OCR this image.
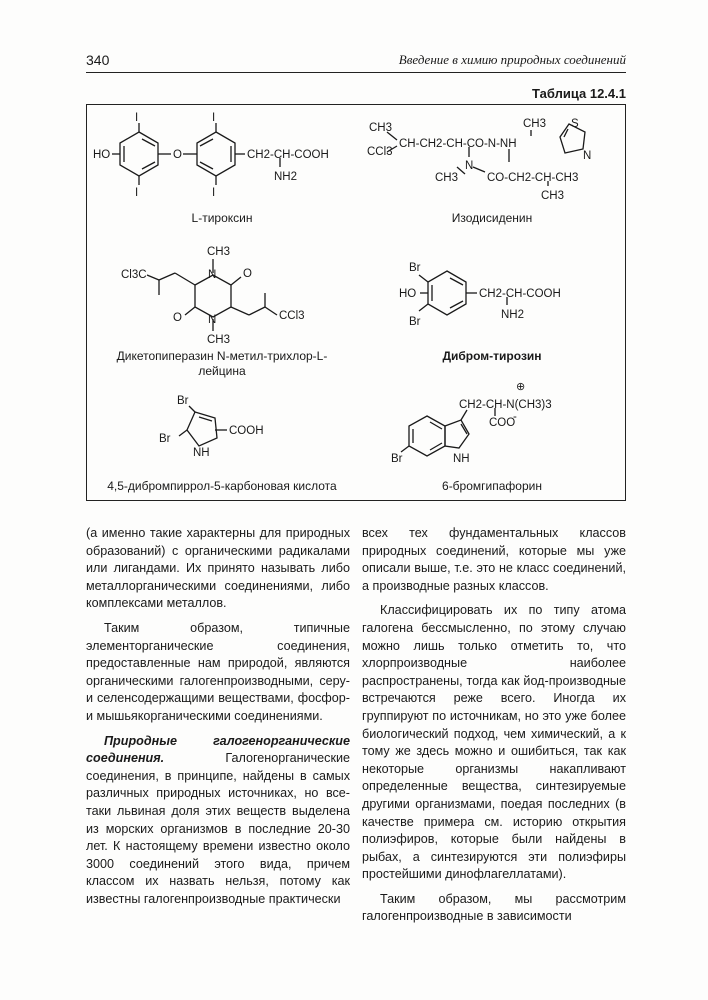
340	Введение в химию природных соединений
Таблица 12.4.1
HO
I
I
I
I
O	CH2-CH-COOH
NH2
L-тироксин
CH3
CCl3
CH-CH2-CH-CO-N-NH
CH3 S
N
N
CH3	CO-CH2-CH-CH3
CH3
Изодисиденин
CH3
N O
O N
CH3
Cl3C
CCl3
Дикетопиперазин N-метил-трихлор-L-
лейцина
Br
HO
Br
CH2-CH-COOH
NH2
Дибром-тирозин
Br
Br
NH
COOH
4,5-дибромпиррол-5-карбоновая кислота
Br	NH
CH2-CH-N(CH3)3
⊕
COO
-
6-бромгипафорин

(а именно такие характерны для природных образований) с органическими радикалами или лигандами. Их принято называть либо металлорганическими соединениями, либо комплексами металлов.

Таким образом, типичные элементорганические соединения, предоставленные нам природой, являются органическими галогенпроизводными, серу- и селенсодержащими веществами, фосфор- и мышьякорганическими соединениями.

Природные галогенорганические соединения. Галогенорганические соединения, в принципе, найдены в самых различных природных источниках, но все-таки львиная доля этих веществ выделена из морских организмов в последние 20-30 лет. К настоящему времени известно около 3000 соединений этого вида, причем классом их назвать нельзя, потому как известны галогенпроизводные практически

всех тех фундаментальных классов природных соединений, которые мы уже описали выше, т.е. это не класс соединений, а производные разных классов.

Классифицировать их по типу атома галогена бессмысленно, по этому случаю можно лишь только отметить то, что хлорпроизводные наиболее распространены, тогда как йод-производные встречаются реже всего. Иногда их группируют по источникам, но это уже более биологический подход, чем химический, а к тому же здесь можно и ошибиться, так как некоторые организмы накапливают определенные вещества, синтезируемые другими организмами, поедая последних (в качестве примера см. историю открытия полиэфиров, которые были найдены в рыбах, а синтезируются эти полиэфиры простейшими динофлагеллатами).

Таким образом, мы рассмотрим галогенпроизводные в зависимости
